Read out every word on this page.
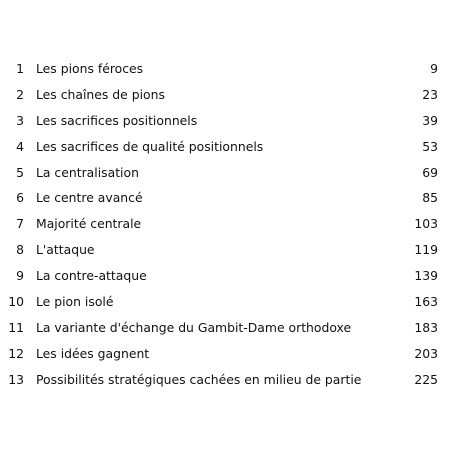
1 Les pions féroces	9
2 Les chaînes de pions	23
3 Les sacrifices positionnels	39
4 Les sacrifices de qualité positionnels	53
5 La centralisation	69
6 Le centre avancé	85
7 Majorité centrale	103
8 L'attaque	119
9 La contre-attaque	139
10 Le pion isolé	163
11 La variante d'échange du Gambit-Dame orthodoxe	183
12 Les idées gagnent	203
13 Possibilités stratégiques cachées en milieu de partie	225
